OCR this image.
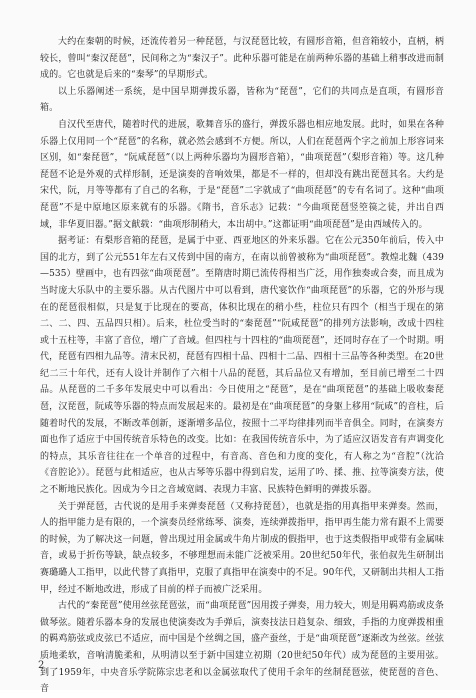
大约在秦朝的时候，还流传着另一种琵琶，与汉琵琶比较，有圆形音箱，但音箱较小，直柄，柄较长，曾叫“秦汉琵琶”，民间称之为“秦汉子”。此种乐器可能是在前两种乐器的基础上稍事改进而制成的。它也就是后来的“秦琴”的早期形式。

以上乐器阐述一系统，是中国早期弹拨乐器，皆称为“琵琶”，它们的共同点是直项，有圆形音箱。

自汉代至唐代，随着时代的进展，歌舞音乐的盛行，弹拨乐器也相应地发展。此时，如果在各种乐器上仅用同一个“琵琶”的名称，就必然会感到不方便。所以，人们在琵琶两个字之前加上形容词来区别，如“秦琵琶”，“阮咸琵琶”（以上两种乐器均为圆形音箱），“曲项琵琶”（梨形音箱）等。这几种琵琶不论是外观的式样形制，还是演奏的音响效果，都是不一样的，但却没有跳出琵琶其名。大约是宋代，阮，月等等都有了自己的名称，于是“琵琶”二字就成了“曲项琵琶”的专有名词了。这种“曲项琵琶”不是中原地区原来就有的乐器。《隋书，音乐志》记载：“今曲项琵琶竖箜篌之徒，并出自西域，非华夏旧器。”据文献载：“曲项形制稍大，本出胡中。”这都证明“曲项琵琶”是由西域传入的。

据考证：有梨形音箱的琵琶，是属于中亚、西亚地区的外来乐器。它在公元350年前后，传入中国的北方，到了公元551年左右又传到中国的南方，在南以前曾被称为“曲项琵琶”。教煌北魏（439—535）壁画中，也有四弦“曲项琵琶”。至隋唐时期已流传得相当广泛，用作独奏或合奏，而且成为当时庞大乐队中的主要乐器。从古代图片中可以看到，唐代宴饮作“曲项琵琶”的乐器，它的外形与现在的琵琶很相似，只是复于比现在的要高，体积比现在的稍小些，柱位只有四个（相当于现在的第二、二、四、五品四只相）。后来，杜位受当时的“秦琵琶”“阮咸琵琶”的排列方法影响，改成十四柱或十五柱等，丰富了音位，增广了音域。但四柱与十四柱的“曲项琵琶”，还同时存在了一个时期。明代，琵琶有四相九品等。清末民初，琵琶有四相十品、四相十二品、四相十三品等各种类型。在20世纪二三十年代，还有人设计并制作了六相十八品的琵琶，其后品位又有增加，至目前已增至二十四品。从琵琶的二千多年发展史中可以看出：今日使用之“琵琶”，是在“曲项琵琶”的基础上吸收秦琵琶，汉琵琶，阮咸等乐器的特点而发展起来的。最初是在“曲项琵琶”的身躯上移用“阮咸”的音柱，后随着时代的发展，不断改革创新，逐渐增多品位，按照十二平均律排列而半音俱全。同时，在演奏方面也作了适应于中国传统音乐特色的改变。比如：在我国传统音乐中，为了适应汉语发音有声调变化的特点，其乐音往往在一个单音的过程中，有音高、音色和力度的变化，有人称之为“音腔”（沈洽《音腔论》）。琵琶与此相适应，也从古琴等乐器中得到启发，运用了吟、揉、推、拉等演奏方法，使之不断地民族化。因成为今日之音域宽阔、表现力丰富、民族特色鲜明的弹拨乐器。

关于弹琵琶，古代说的是用手来弹奏琵琶（又称持琵琶），也就是指的用真指甲来弹奏。然而，人的指甲能力是有限的，一个演奏员经常练琴、演奏，连续弹拨指甲，指甲再生能力常有跟不上需要的时候，为了解决这一问题，曾出现过用金属或牛角片制成的假指甲，也于这类假指甲或带有金属味音，或易于折伤等缺，缺点较多，不够理想而未能广泛被采用。20世纪50年代，张伯叔先生研制出赛璐璐人工指甲，以此代替了真指甲，克服了真指甲在演奏中的不足。90年代，又研制出共相人工指甲，经过不断地改进，形成了目前的样子而被广泛采用。

古代的“秦琵琶”使用丝弦琵琶弦，而“曲项琵琶”因用拨子弹奏，用力较大，则是用羁鸡筋或皮条做琴弦。随着乐器本身的发展也使演奏改为手弹后，演奏技法日趋复杂、细致，手指的力度弹拨相重的羁鸡筋弦或皮弦已不适应，而中国是个丝绸之国，盛产蚕丝，于是“曲项琵琶”逐渐改为丝弦。丝弦质地柔软，音响清脆柔和，从明清以至于新中国建立初期（20世纪50年代）成为琵琶的主要用弦。到了1959年，中央音乐学院陈宗忠老和以金属弦取代了使用千余年的丝制琵琶弦，使琵琶的音色、音

2
